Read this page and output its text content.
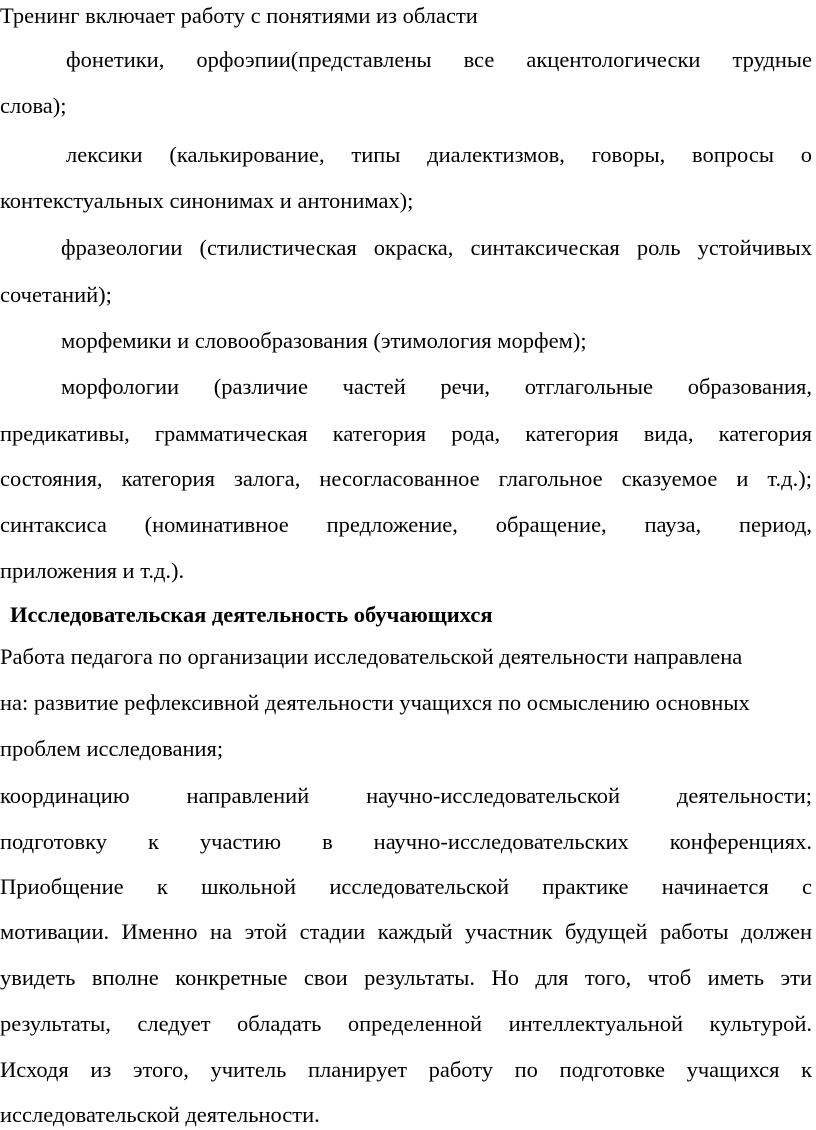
Тренинг включает работу с понятиями из области
фонетики, орфоэпии(представлены все акцентологически трудные
слова);
лексики (калькирование, типы диалектизмов, говоры, вопросы о
контекстуальных синонимах и антонимах);
фразеологии (стилистическая окраска, синтаксическая роль устойчивых
сочетаний);
морфемики и словообразования (этимология морфем);
морфологии (различие частей речи, отглагольные образования,
предикативы, грамматическая категория рода, категория вида, категория
состояния, категория залога, несогласованное глагольное сказуемое и т.д.);
синтаксиса (номинативное предложение, обращение, пауза, период,
приложения и т.д.).
Исследовательская деятельность обучающихся
Работа педагога по организации исследовательской деятельности направлена
на: развитие рефлексивной деятельности учащихся по осмыслению основных
проблем исследования;
координацию направлений научно-исследовательской деятельности;
подготовку к участию в научно-исследовательских конференциях.
Приобщение к школьной исследовательской практике начинается с
мотивации. Именно на этой стадии каждый участник будущей работы должен
увидеть вполне конкретные свои результаты. Но для того, чтоб иметь эти
результаты, следует обладать определенной интеллектуальной культурой.
Исходя из этого, учитель планирует работу по подготовке учащихся к
исследовательской деятельности.
